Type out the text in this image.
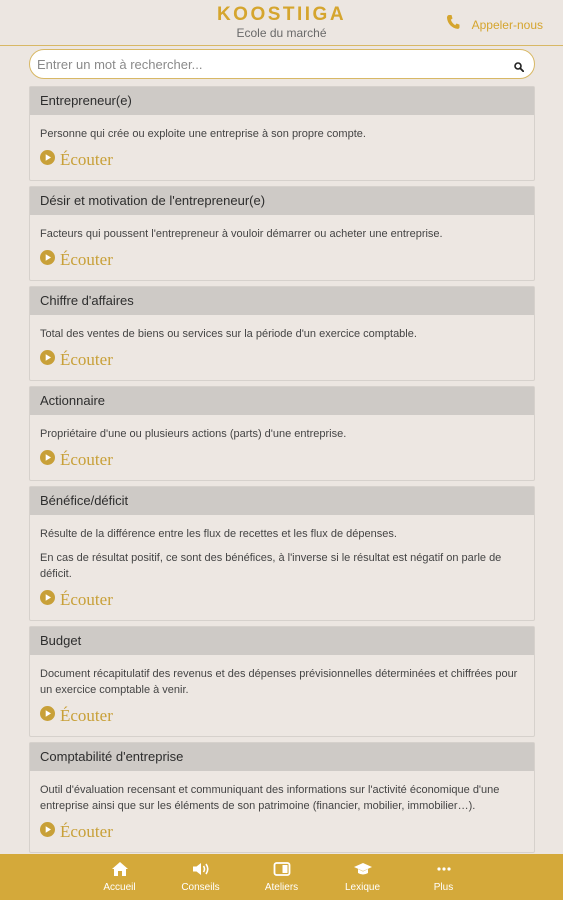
KOOSTIIGA
Ecole du marché
Appeler-nous
Entrer un mot à rechercher...
Entrepreneur(e)

Personne qui crée ou exploite une entreprise à son propre compte.

Écouter
Désir et motivation de l'entrepreneur(e)

Facteurs qui poussent l'entrepreneur à vouloir démarrer ou acheter une entreprise.

Écouter
Chiffre d'affaires

Total des ventes de biens ou services sur la période d'un exercice comptable.

Écouter
Actionnaire

Propriétaire d'une ou plusieurs actions (parts) d'une entreprise.

Écouter
Bénéfice/déficit

Résulte de la différence entre les flux de recettes et les flux de dépenses.

En cas de résultat positif, ce sont des bénéfices, à l'inverse si le résultat est négatif on parle de déficit.

Écouter
Budget

Document récapitulatif des revenus et des dépenses prévisionnelles déterminées et chiffrées pour un exercice comptable à venir.

Écouter
Comptabilité d'entreprise

Outil d'évaluation recensant et communiquant des informations sur l'activité économique d'une entreprise ainsi que sur les éléments de son patrimoine (financier, mobilier, immobilier…).

Écouter
Accueil	Conseils	Ateliers	Lexique	Plus
